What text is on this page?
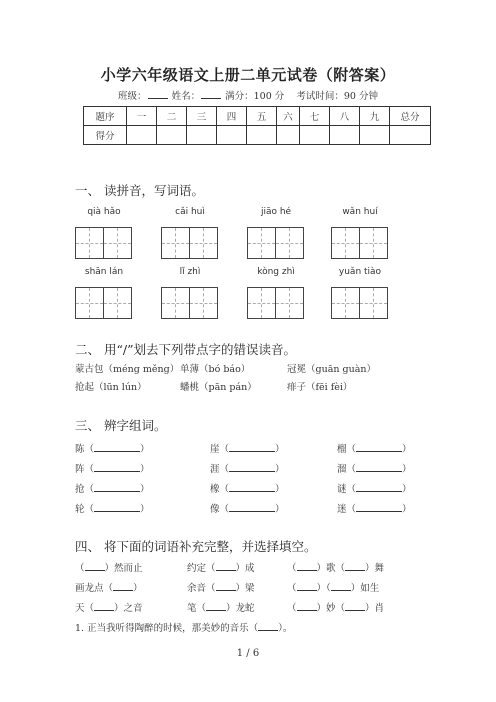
小学六年级语文上册二单元试卷（附答案）
班级：	姓名：	满分：100 分 考试时间：90 分钟
题序	一	二	三	四	五	六	七	八	九	总分
得分										
一、 读拼音，写词语。
qià hǎo	cǎi huì	jiāo hé	wǎn huí
shān lán	lǐ zhì	kòng zhì	yuǎn tiào
二、 用“/”划去下列带点字的错误读音。
蒙古包（méng měng） 单薄（bó báo）	冠冕（guān guàn）
抢起（lūn lún）	蟠桃（pān pán）	痱子（fēi fèi）
三、 辨字组词。
陈（	）	崖（	）	榴（	）
阵（	）	涯（	）	溜（	）
抢（	）	橡（	）	谜（	）
轮（	）	像（	）	迷（	）
四、 将下面的词语补充完整，并选择填空。
（ ）然而止	约定（ ）成	（ ）歌（ ）舞
画龙点（ ）	余音（ ）梁	（ ）（ ）如生
天（ ）之音	笔（ ）龙蛇	（ ）妙（ ）肖
1. 正当我听得陶醉的时候，那美妙的音乐（ ）。
1 / 6
